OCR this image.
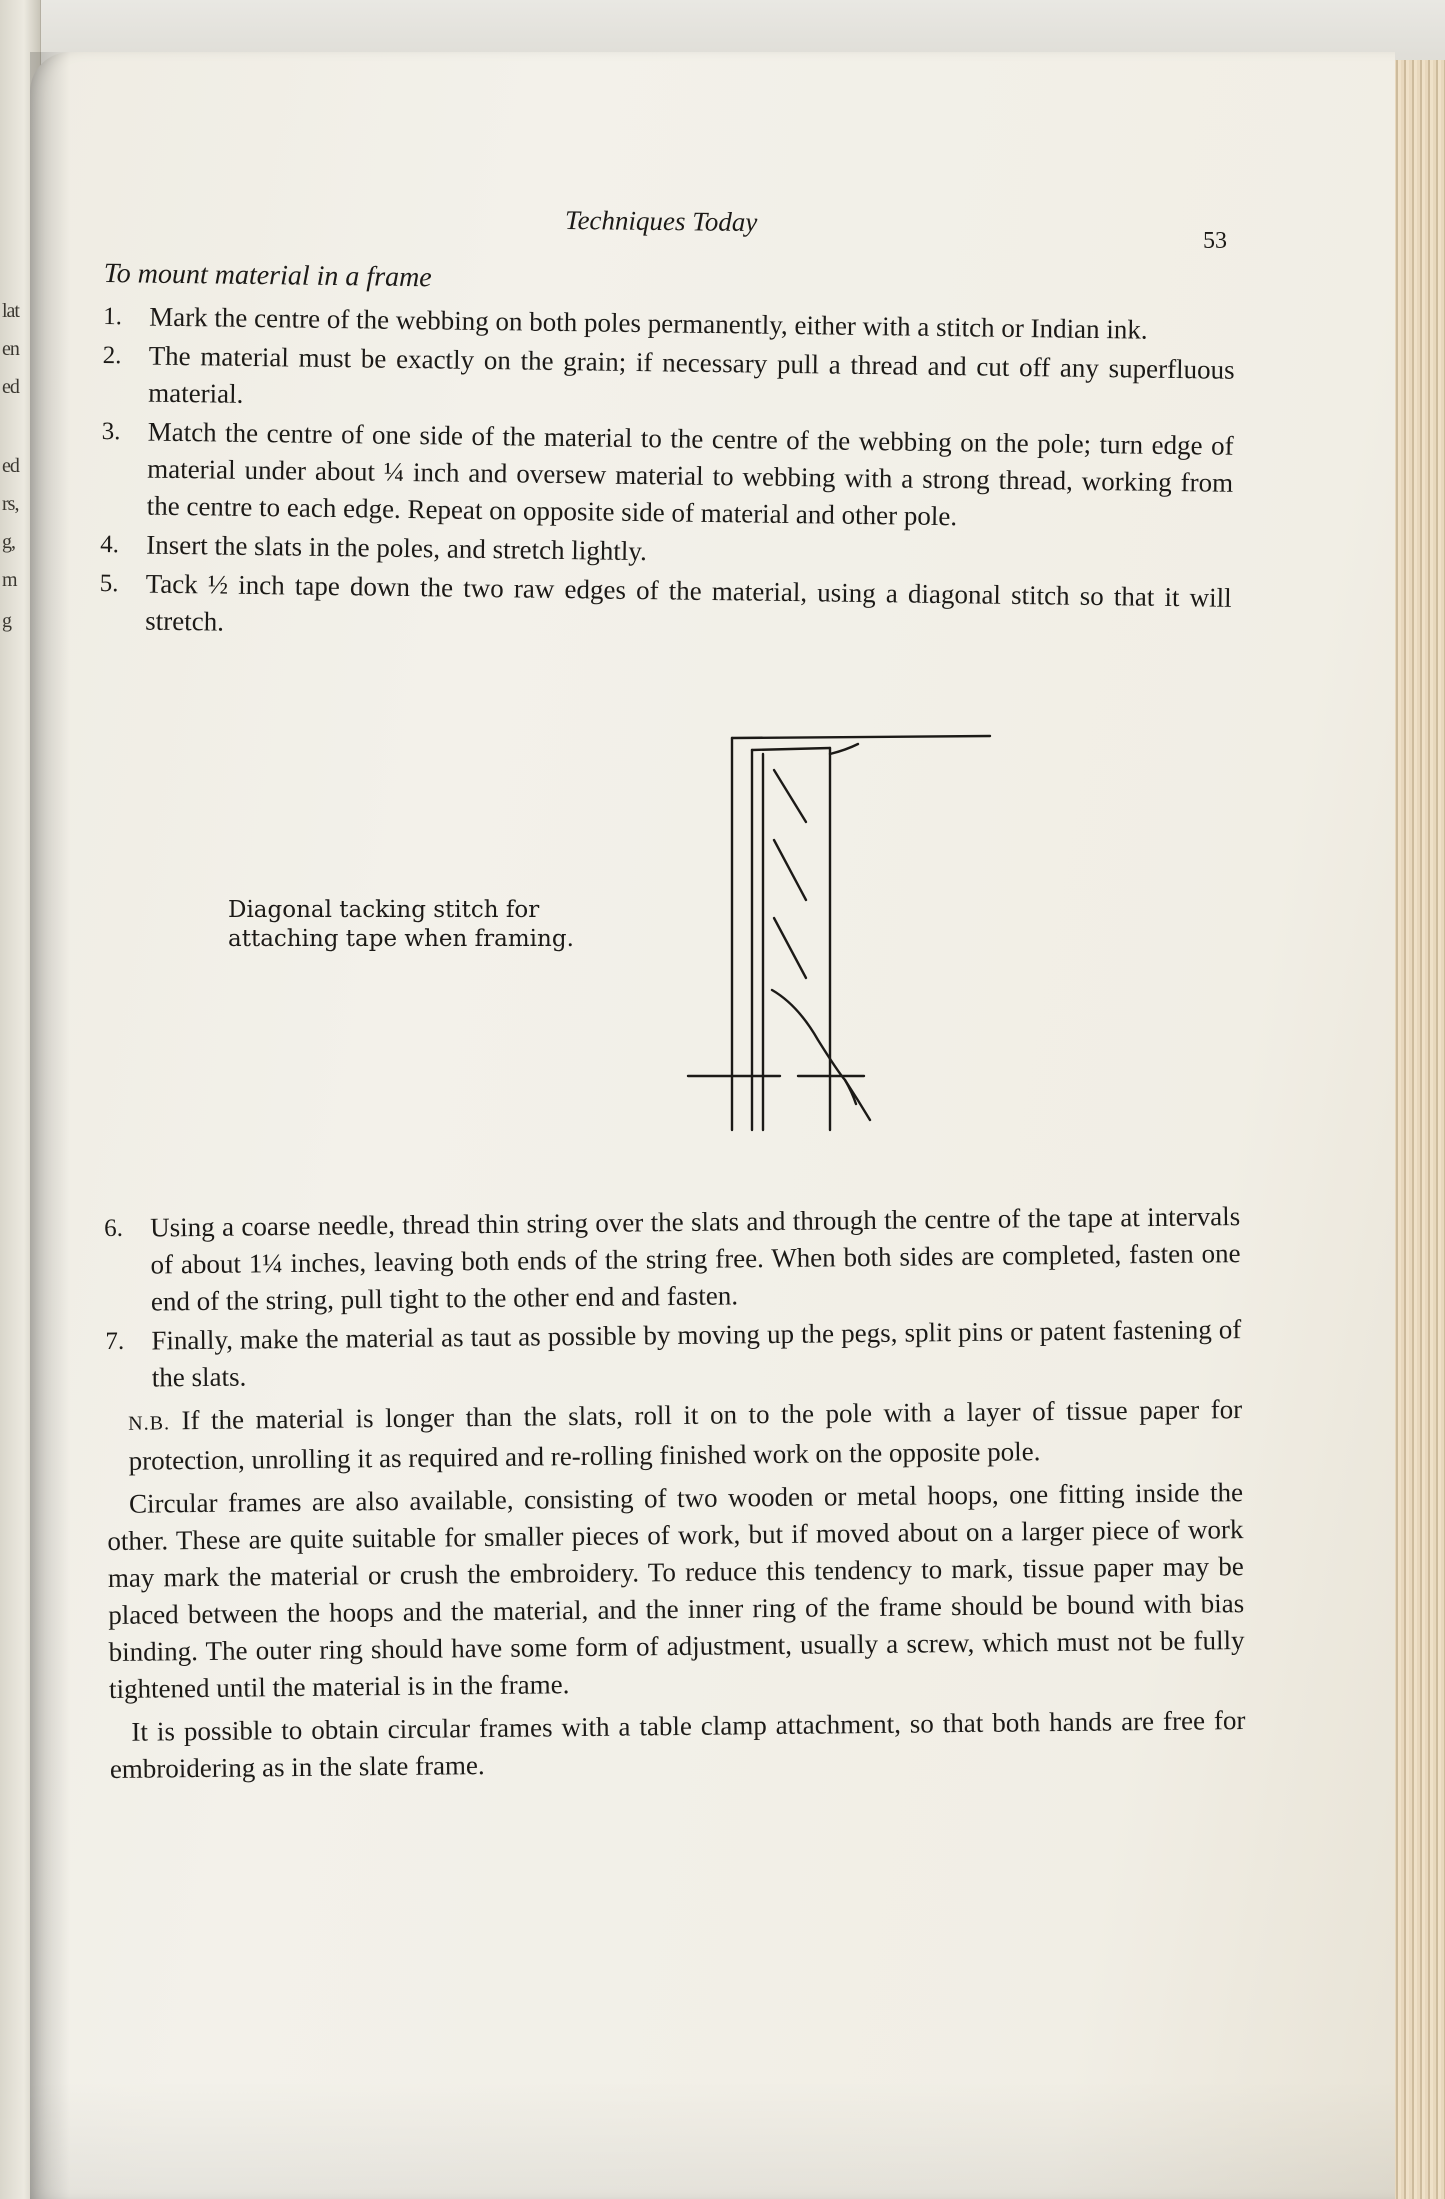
lat
en
ed
ed
rs,
g,
m
g
Techniques Today
53
To mount material in a frame
1. Mark the centre of the webbing on both poles permanently, either with a stitch or Indian ink.
2. The material must be exactly on the grain; if necessary pull a thread and cut off any superfluous material.
3. Match the centre of one side of the material to the centre of the webbing on the pole; turn edge of material under about ¼ inch and oversew material to webbing with a strong thread, working from the centre to each edge. Repeat on opposite side of material and other pole.
4. Insert the slats in the poles, and stretch lightly.
5. Tack ½ inch tape down the two raw edges of the material, using a diagonal stitch so that it will stretch.
Diagonal tacking stitch for attaching tape when framing.
6. Using a coarse needle, thread thin string over the slats and through the centre of the tape at intervals of about 1¼ inches, leaving both ends of the string free. When both sides are completed, fasten one end of the string, pull tight to the other end and fasten.
7. Finally, make the material as taut as possible by moving up the pegs, split pins or patent fastening of the slats.
N.B. If the material is longer than the slats, roll it on to the pole with a layer of tissue paper for protection, unrolling it as required and re-rolling finished work on the opposite pole.

Circular frames are also available, consisting of two wooden or metal hoops, one fitting inside the other. These are quite suitable for smaller pieces of work, but if moved about on a larger piece of work may mark the material or crush the embroidery. To reduce this tendency to mark, tissue paper may be placed between the hoops and the material, and the inner ring of the frame should be bound with bias binding. The outer ring should have some form of adjustment, usually a screw, which must not be fully tightened until the material is in the frame.

It is possible to obtain circular frames with a table clamp attachment, so that both hands are free for embroidering as in the slate frame.
